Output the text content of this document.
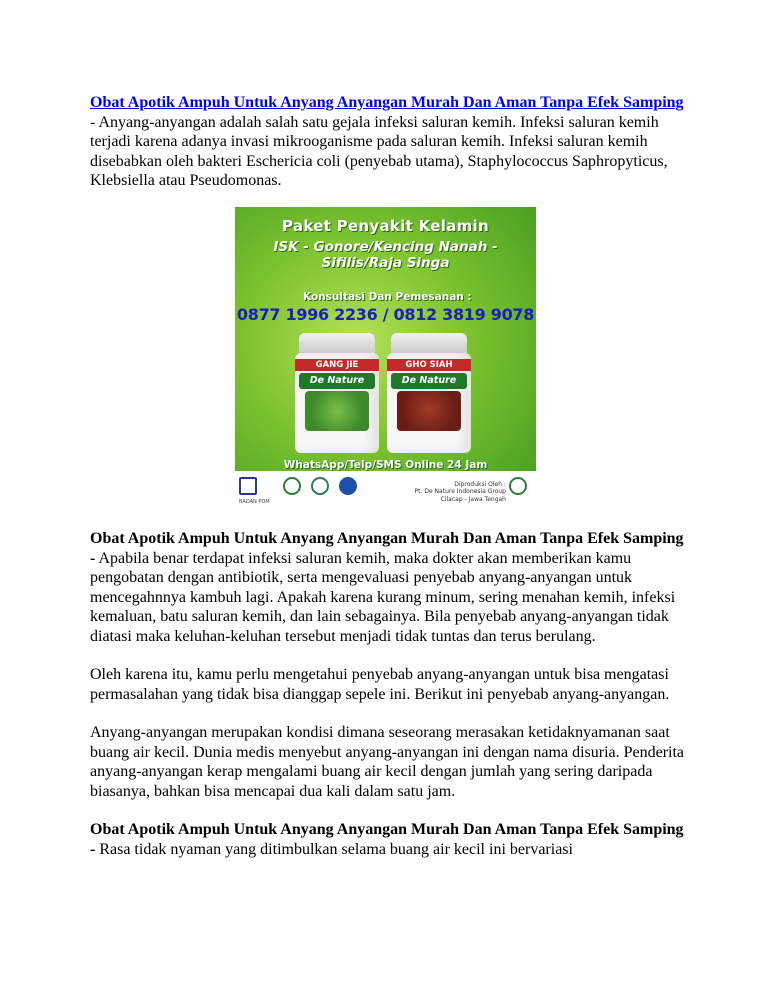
Obat Apotik Ampuh Untuk Anyang Anyangan Murah Dan Aman Tanpa Efek Samping - Anyang-anyangan adalah salah satu gejala infeksi saluran kemih. Infeksi saluran kemih terjadi karena adanya invasi mikrooganisme pada saluran kemih. Infeksi saluran kemih disebabkan oleh bakteri Eschericia coli (penyebab utama), Staphylococcus Saphropyticus, Klebsiella atau Pseudomonas.

Paket Penyakit Kelamin
ISK - Gonore/Kencing Nanah - Sifilis/Raja Singa
Konsultasi Dan Pemesanan :
0877 1996 2236 / 0812 3819 9078
GANG JIE
De Nature
GHO SIAH
De Nature
WhatsApp/Telp/SMS Online 24 Jam
Diproduksi Oleh :
Pt. De Nature Indonesia Group
Cilacap - Jawa Tengah
BADAN POM

Obat Apotik Ampuh Untuk Anyang Anyangan Murah Dan Aman Tanpa Efek Samping - Apabila benar terdapat infeksi saluran kemih, maka dokter akan memberikan kamu pengobatan dengan antibiotik, serta mengevaluasi penyebab anyang-anyangan untuk mencegahnnya kambuh lagi. Apakah karena kurang minum, sering menahan kemih, infeksi kemaluan, batu saluran kemih, dan lain sebagainya. Bila penyebab anyang-anyangan tidak diatasi maka keluhan-keluhan tersebut menjadi tidak tuntas dan terus berulang.

Oleh karena itu, kamu perlu mengetahui penyebab anyang-anyangan untuk bisa mengatasi permasalahan yang tidak bisa dianggap sepele ini. Berikut ini penyebab anyang-anyangan.

Anyang-anyangan merupakan kondisi dimana seseorang merasakan ketidaknyamanan saat buang air kecil. Dunia medis menyebut anyang-anyangan ini dengan nama disuria. Penderita anyang-anyangan kerap mengalami buang air kecil dengan jumlah yang sering daripada biasanya, bahkan bisa mencapai dua kali dalam satu jam.

Obat Apotik Ampuh Untuk Anyang Anyangan Murah Dan Aman Tanpa Efek Samping - Rasa tidak nyaman yang ditimbulkan selama buang air kecil ini bervariasi
